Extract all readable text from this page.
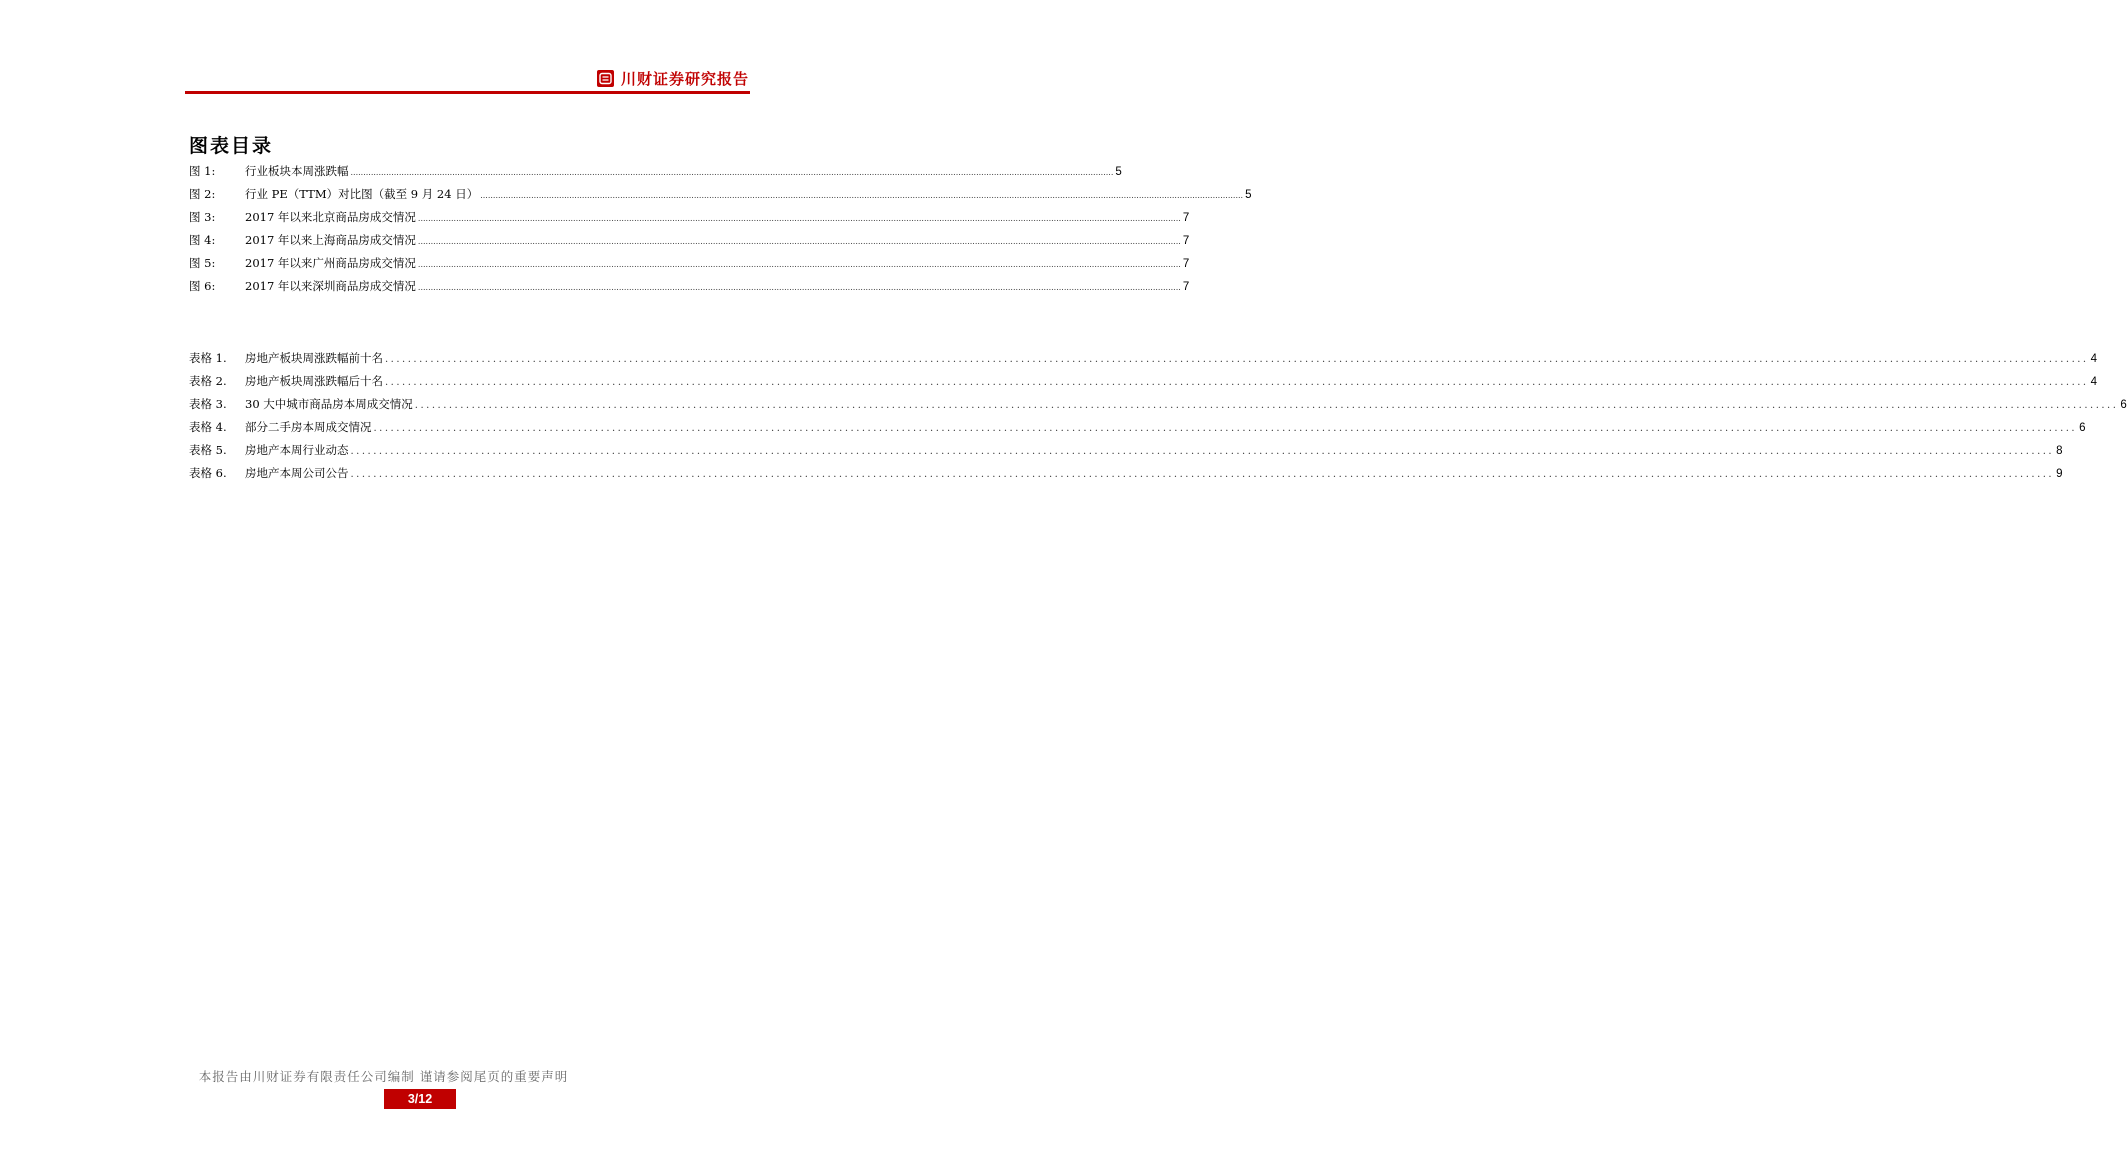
川财证券研究报告
图表目录
图 1:	行业板块本周涨跌幅 ............................................................................................................................................................................................................................................................................................................ 5
图 2:	行业 PE（TTM）对比图（截至 9 月 24 日） ............................................................................................................................................................................................................................................................................................................ 5
图 3:	2017 年以来北京商品房成交情况 ............................................................................................................................................................................................................................................................................................................ 7
图 4:	2017 年以来上海商品房成交情况 ............................................................................................................................................................................................................................................................................................................ 7
图 5:	2017 年以来广州商品房成交情况 ............................................................................................................................................................................................................................................................................................................ 7
图 6:	2017 年以来深圳商品房成交情况 ............................................................................................................................................................................................................................................................................................................ 7
表格 1.	房地产板块周涨跌幅前十名 ............................................................................................................................................................................................................................................................................................................ 4
表格 2.	房地产板块周涨跌幅后十名 ............................................................................................................................................................................................................................................................................................................ 4
表格 3.	30 大中城市商品房本周成交情况 ............................................................................................................................................................................................................................................................................................................ 6
表格 4.	部分二手房本周成交情况 ............................................................................................................................................................................................................................................................................................................ 6
表格 5.	房地产本周行业动态 ............................................................................................................................................................................................................................................................................................................ 8
表格 6.	房地产本周公司公告 ............................................................................................................................................................................................................................................................................................................ 9
本报告由川财证券有限责任公司编制 谨请参阅尾页的重要声明
3/12
